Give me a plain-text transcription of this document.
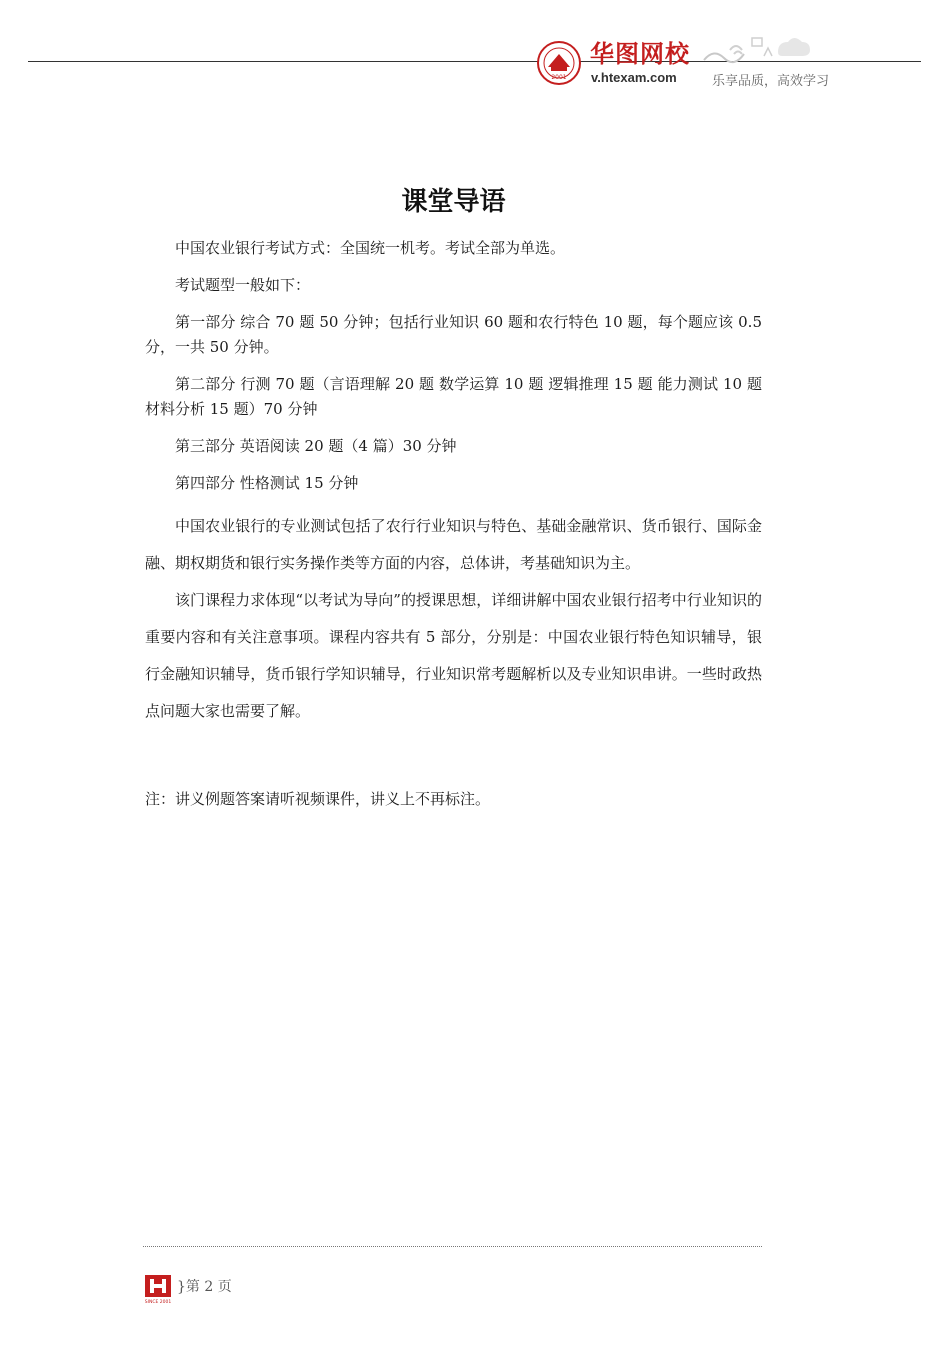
2001
华图网校
v.htexam.com	乐享品质，高效学习
课堂导语

中国农业银行考试方式：全国统一机考。考试全部为单选。

考试题型一般如下：

第一部分 综合 70 题 50 分钟；包括行业知识 60 题和农行特色 10 题，每个题应该 0.5 分，一共 50 分钟。

第二部分 行测 70 题（言语理解 20 题 数学运算 10 题 逻辑推理 15 题 能力测试 10 题 材料分析 15 题）70 分钟

第三部分 英语阅读 20 题（4 篇）30 分钟

第四部分 性格测试 15 分钟

中国农业银行的专业测试包括了农行行业知识与特色、基础金融常识、货币银行、国际金融、期权期货和银行实务操作类等方面的内容，总体讲，考基础知识为主。

该门课程力求体现“以考试为导向”的授课思想，详细讲解中国农业银行招考中行业知识的重要内容和有关注意事项。课程内容共有 5 部分，分别是：中国农业银行特色知识辅导，银行金融知识辅导，货币银行学知识辅导，行业知识常考题解析以及专业知识串讲。一些时政热点问题大家也需要了解。

注：讲义例题答案请听视频课件，讲义上不再标注。

SINCE 2001
}第 2 页
